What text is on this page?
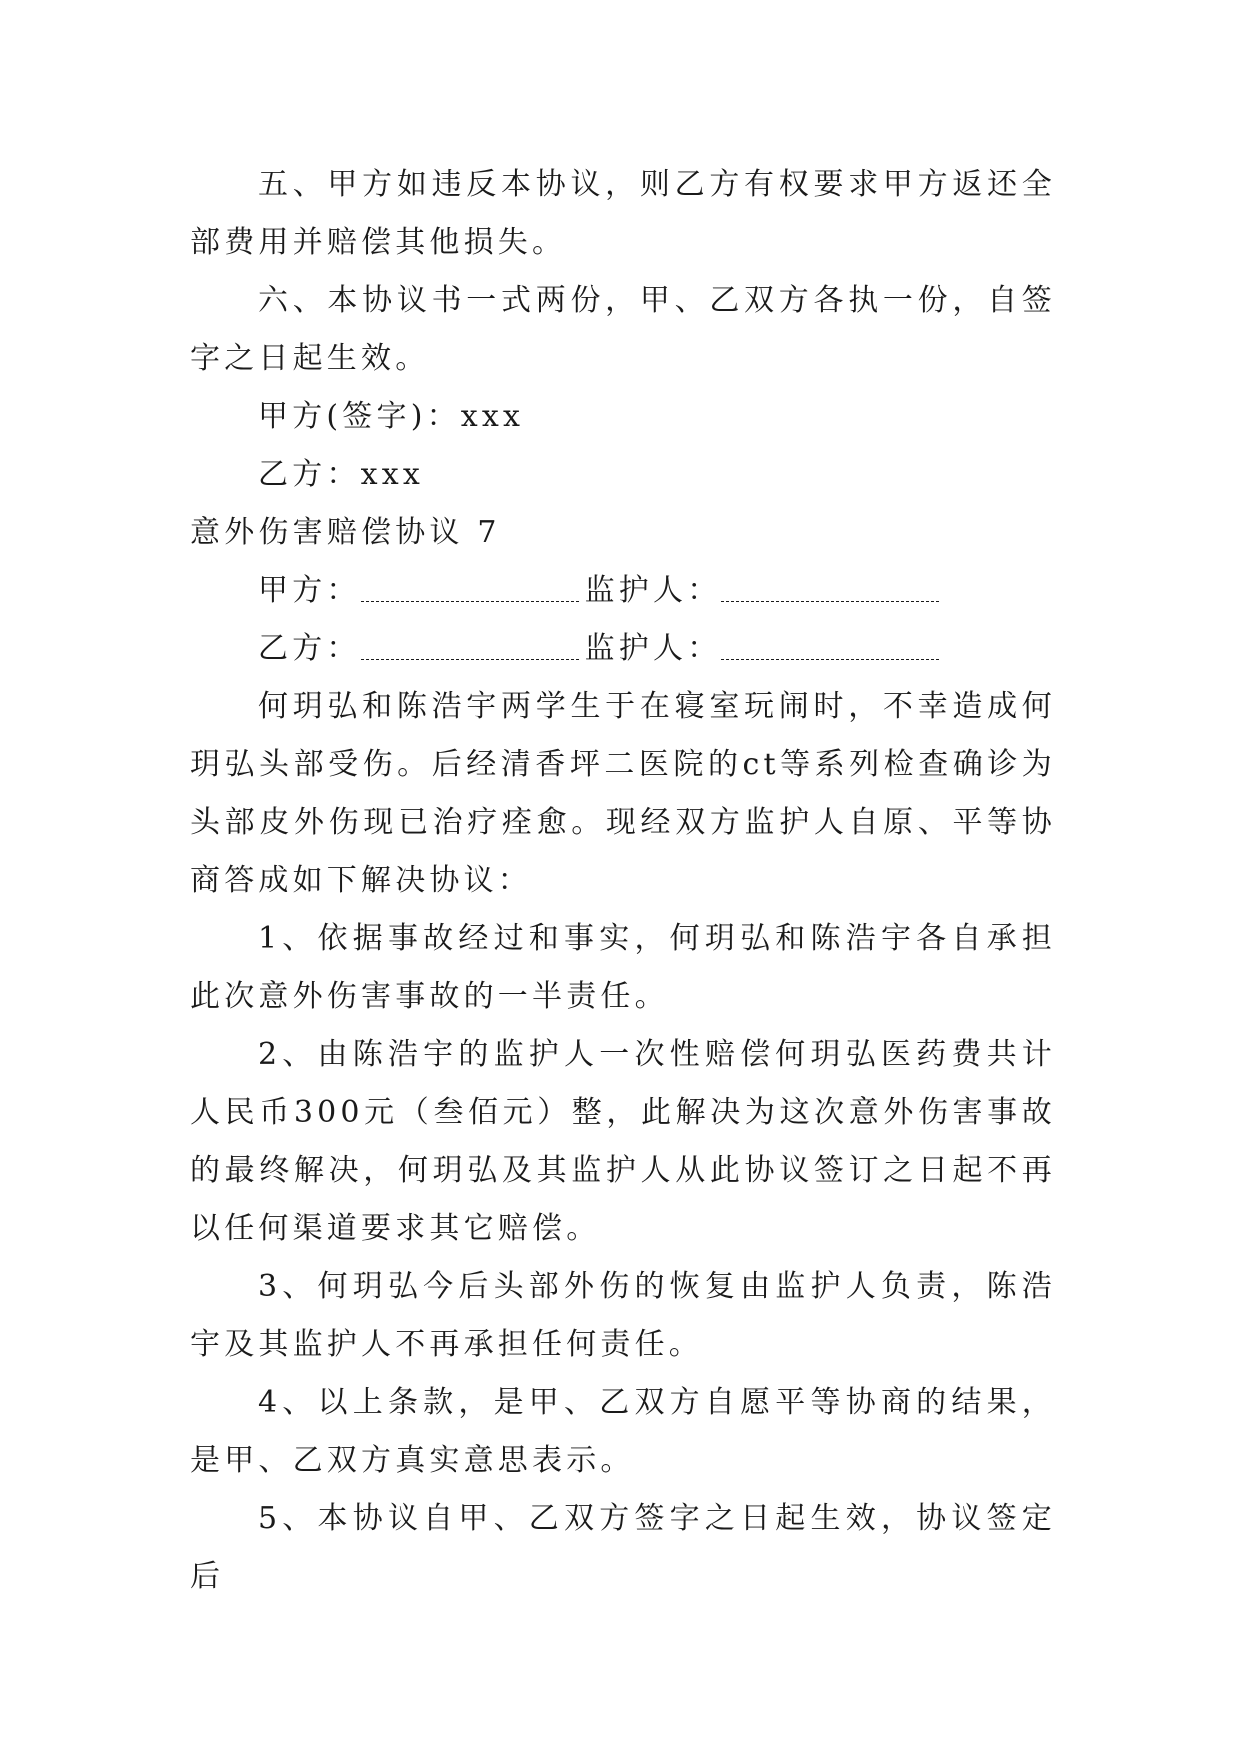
五、甲方如违反本协议，则乙方有权要求甲方返还全部费用并赔偿其他损失。

六、本协议书一式两份，甲、乙双方各执一份，自签字之日起生效。

甲方(签字)：xxx

乙方：xxx

意外伤害赔偿协议 7

甲方：	监护人：

乙方：	监护人：

何玥弘和陈浩宇两学生于在寝室玩闹时，不幸造成何玥弘头部受伤。后经清香坪二医院的ct等系列检查确诊为头部皮外伤现已治疗痊愈。现经双方监护人自原、平等协商答成如下解决协议：

1、依据事故经过和事实，何玥弘和陈浩宇各自承担此次意外伤害事故的一半责任。

2、由陈浩宇的监护人一次性赔偿何玥弘医药费共计人民币300元（叁佰元）整，此解决为这次意外伤害事故的最终解决，何玥弘及其监护人从此协议签订之日起不再以任何渠道要求其它赔偿。

3、何玥弘今后头部外伤的恢复由监护人负责，陈浩宇及其监护人不再承担任何责任。

4、以上条款，是甲、乙双方自愿平等协商的结果，是甲、乙双方真实意思表示。

5、本协议自甲、乙双方签字之日起生效，协议签定后
